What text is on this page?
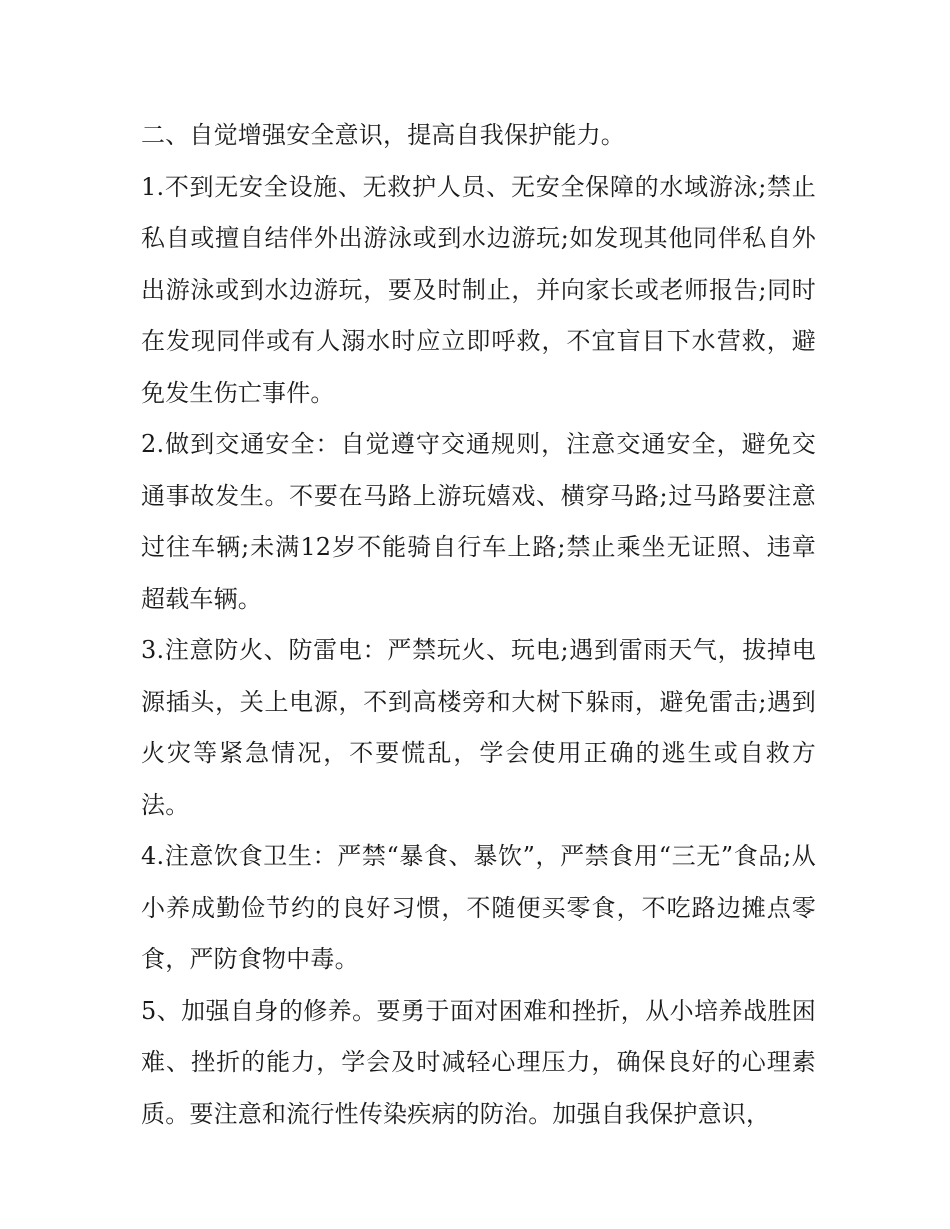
二、自觉增强安全意识，提高自我保护能力。

1.不到无安全设施、无救护人员、无安全保障的水域游泳;禁止私自或擅自结伴外出游泳或到水边游玩;如发现其他同伴私自外出游泳或到水边游玩，要及时制止，并向家长或老师报告;同时在发现同伴或有人溺水时应立即呼救，不宜盲目下水营救，避免发生伤亡事件。

2.做到交通安全：自觉遵守交通规则，注意交通安全，避免交通事故发生。不要在马路上游玩嬉戏、横穿马路;过马路要注意过往车辆;未满12岁不能骑自行车上路;禁止乘坐无证照、违章超载车辆。

3.注意防火、防雷电：严禁玩火、玩电;遇到雷雨天气，拔掉电源插头，关上电源，不到高楼旁和大树下躲雨，避免雷击;遇到火灾等紧急情况，不要慌乱，学会使用正确的逃生或自救方法。

4.注意饮食卫生：严禁“暴食、暴饮”，严禁食用“三无”食品;从小养成勤俭节约的良好习惯，不随便买零食，不吃路边摊点零食，严防食物中毒。

5、加强自身的修养。要勇于面对困难和挫折，从小培养战胜困难、挫折的能力，学会及时减轻心理压力，确保良好的心理素质。要注意和流行性传染疾病的防治。加强自我保护意识，
